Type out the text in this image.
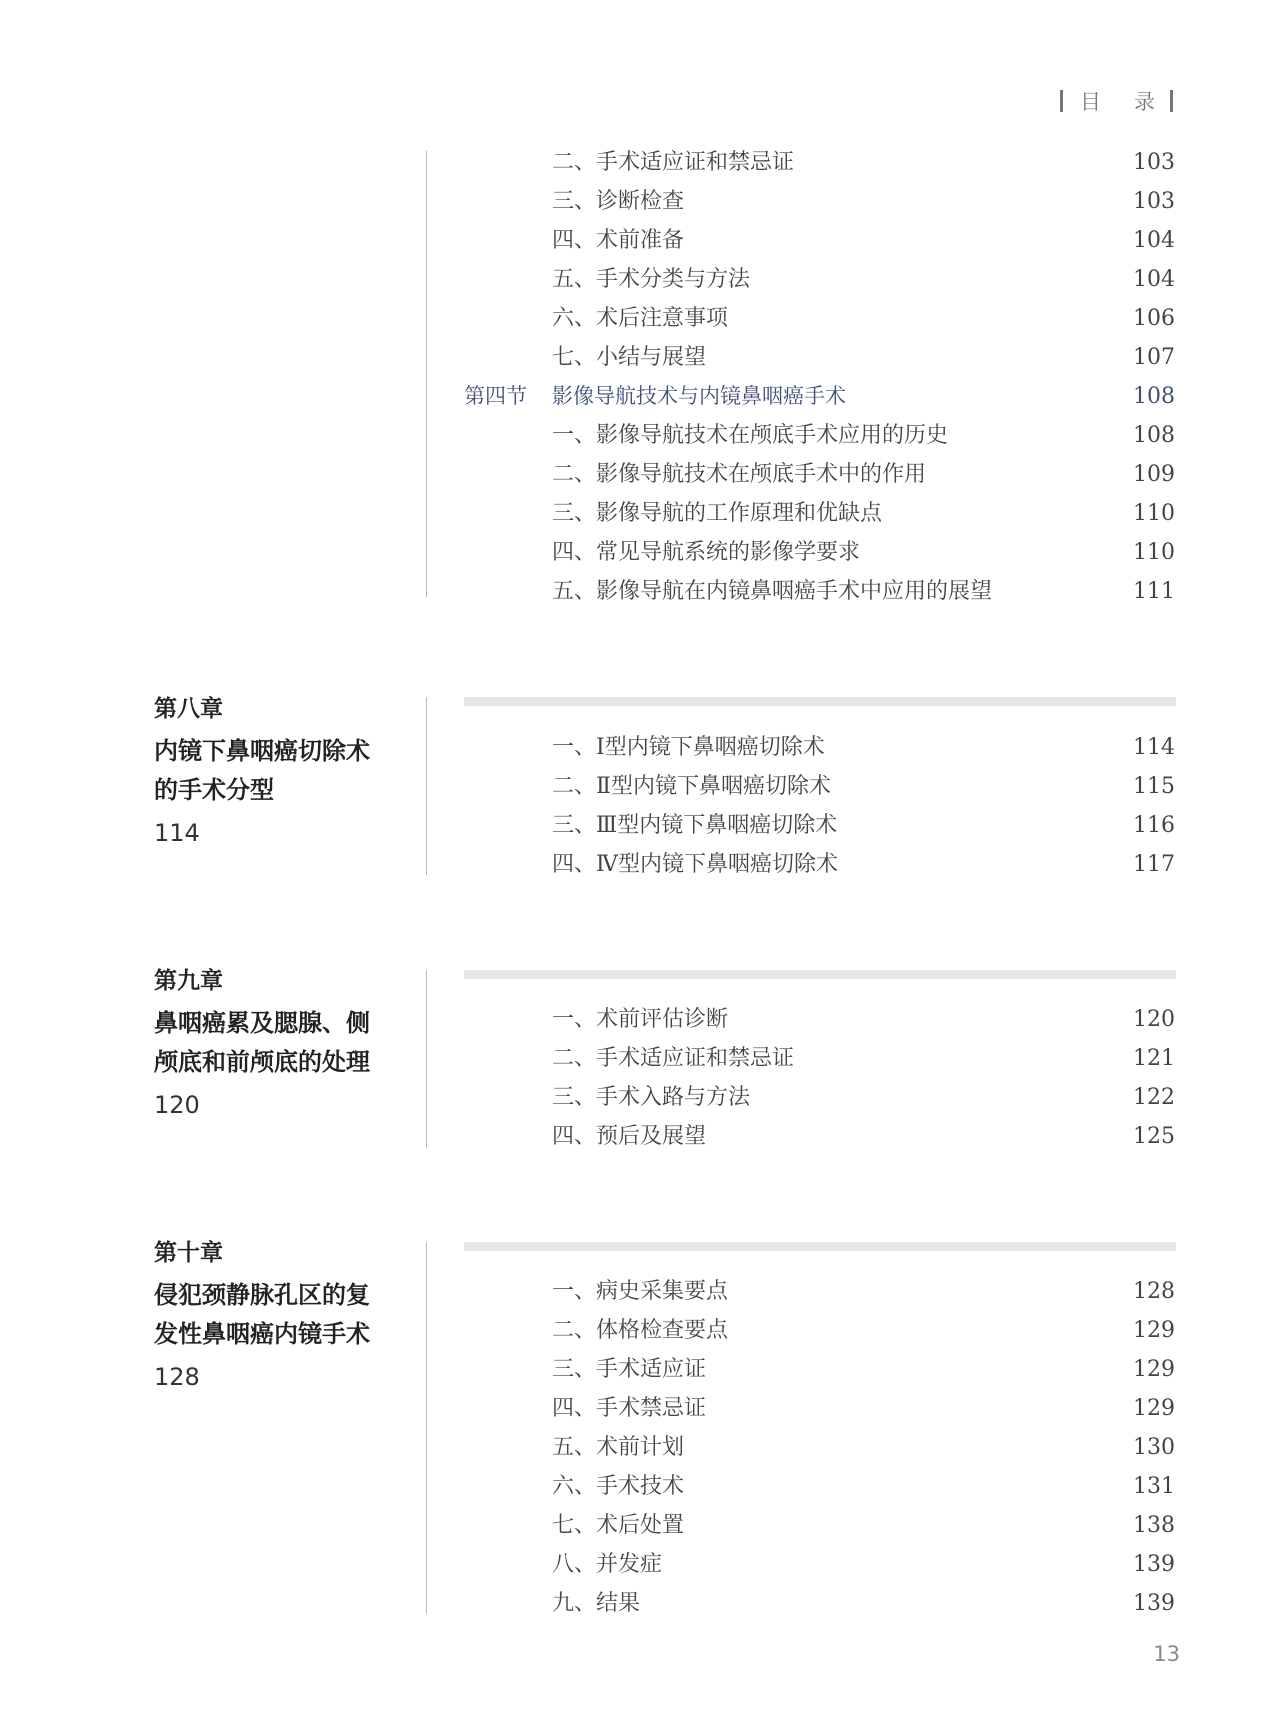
目 录
二、手术适应证和禁忌证	103
三、诊断检查	103
四、术前准备	104
五、手术分类与方法	104
六、术后注意事项	106
七、小结与展望	107
第四节 影像导航技术与内镜鼻咽癌手术	108
一、影像导航技术在颅底手术应用的历史	108
二、影像导航技术在颅底手术中的作用	109
三、影像导航的工作原理和优缺点	110
四、常见导航系统的影像学要求	110
五、影像导航在内镜鼻咽癌手术中应用的展望	111
第八章
内镜下鼻咽癌切除术
的手术分型
114
一、Ⅰ型内镜下鼻咽癌切除术	114
二、Ⅱ型内镜下鼻咽癌切除术	115
三、Ⅲ型内镜下鼻咽癌切除术	116
四、Ⅳ型内镜下鼻咽癌切除术	117
第九章
鼻咽癌累及腮腺、侧
颅底和前颅底的处理
120
一、术前评估诊断	120
二、手术适应证和禁忌证	121
三、手术入路与方法	122
四、预后及展望	125
第十章
侵犯颈静脉孔区的复
发性鼻咽癌内镜手术
128
一、病史采集要点	128
二、体格检查要点	129
三、手术适应证	129
四、手术禁忌证	129
五、术前计划	130
六、手术技术	131
七、术后处置	138
八、并发症	139
九、结果	139
13
